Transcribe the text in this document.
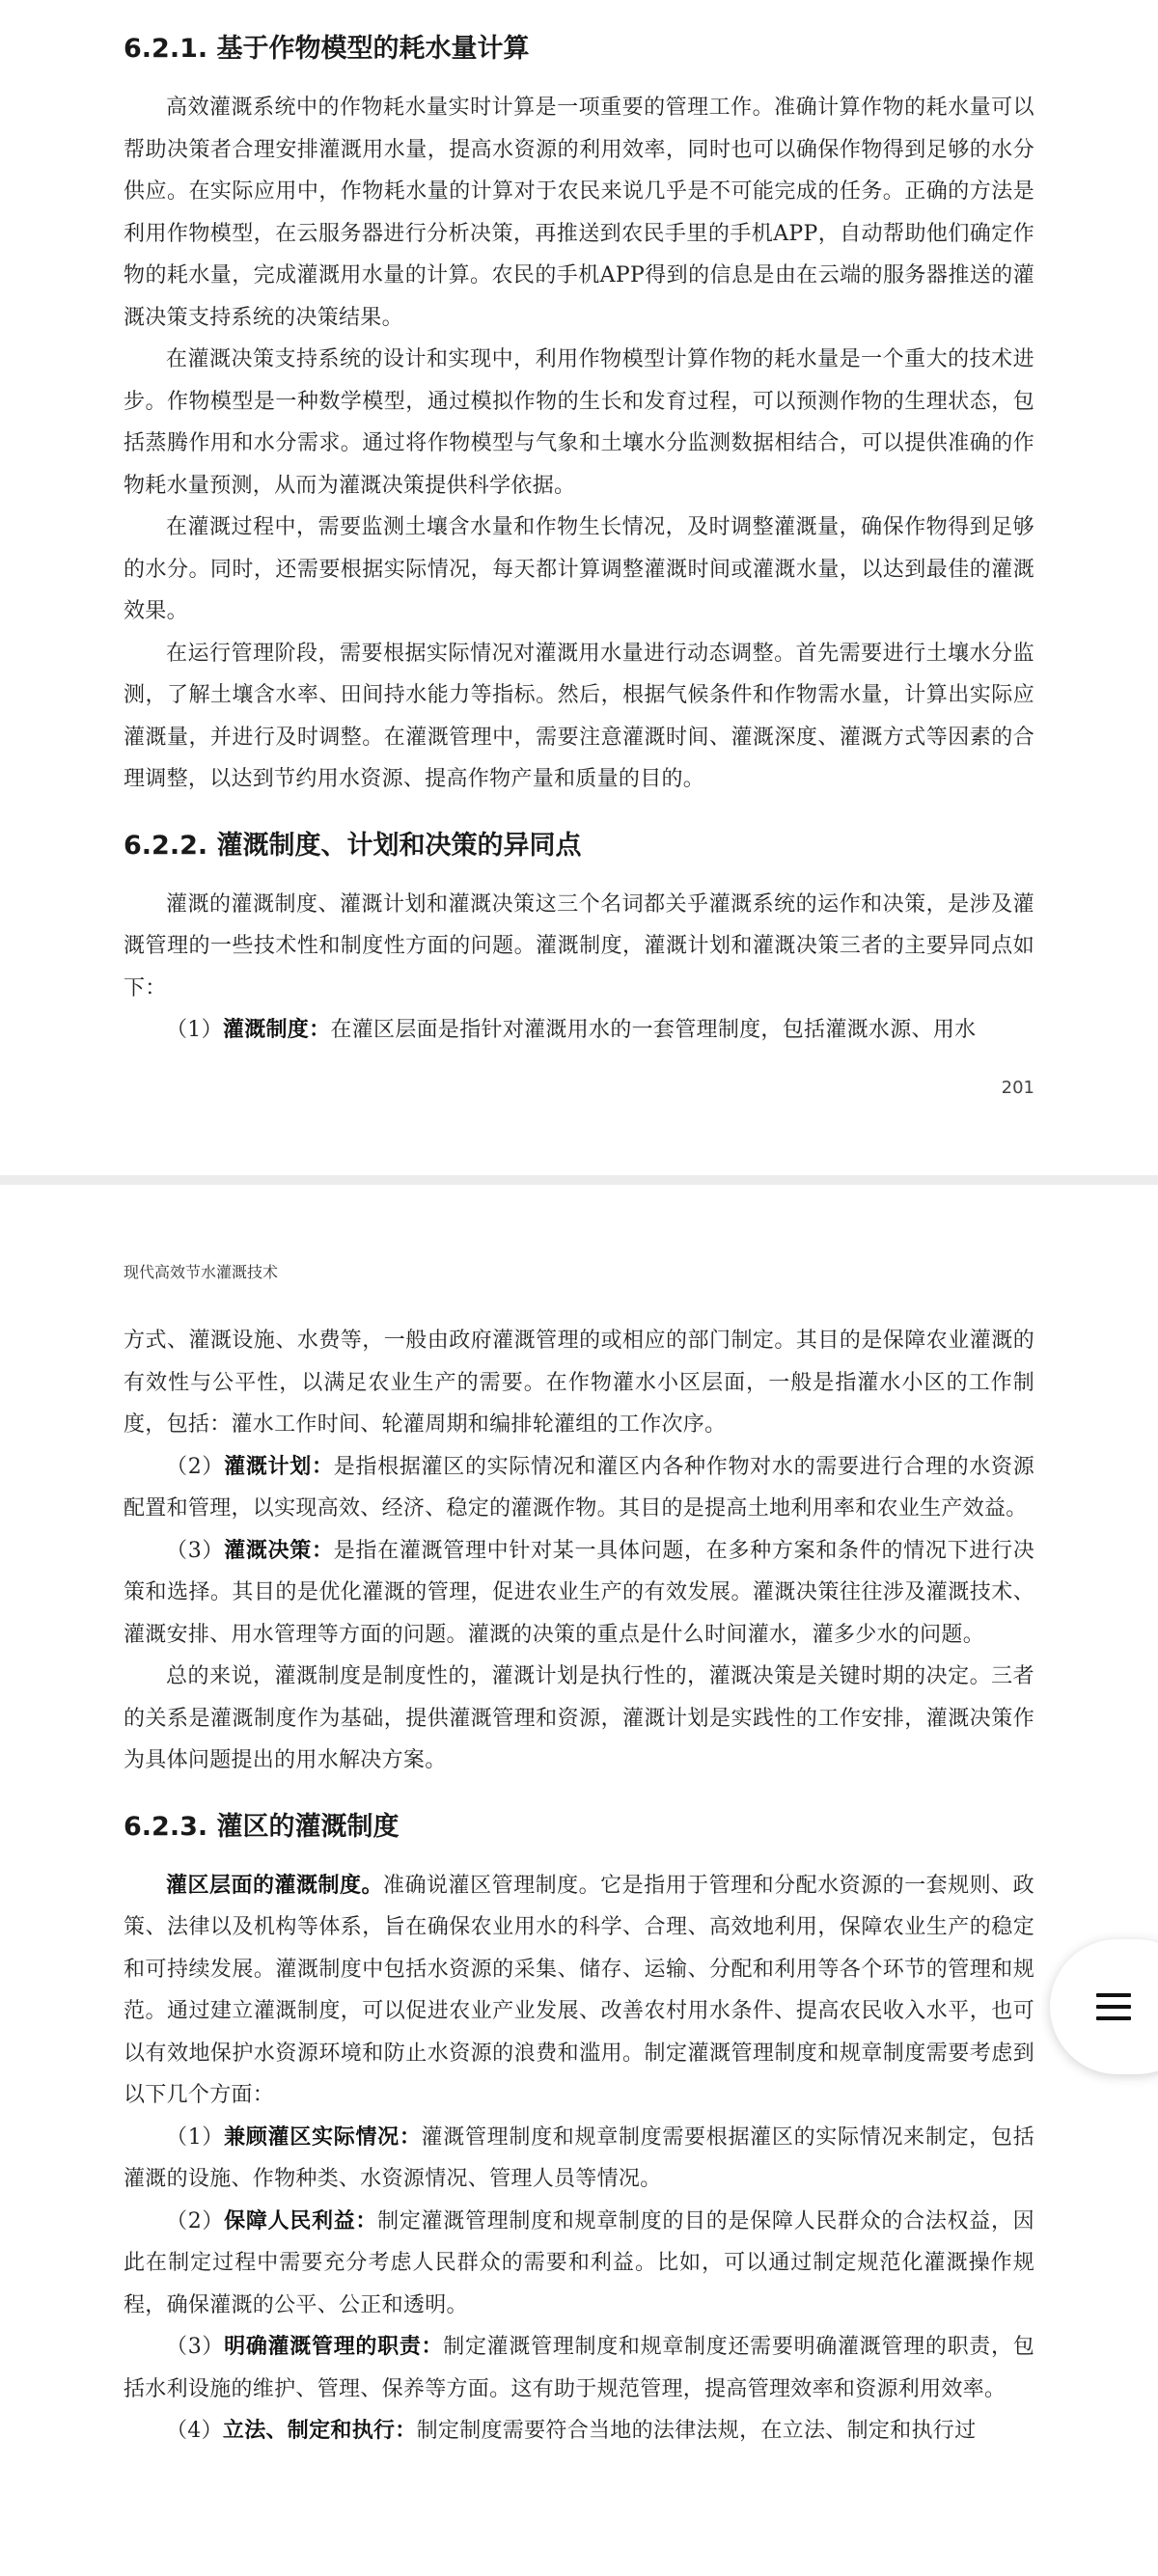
6.2.1. 基于作物模型的耗水量计算

高效灌溉系统中的作物耗水量实时计算是一项重要的管理工作。准确计算作物的耗水量可以帮助决策者合理安排灌溉用水量，提高水资源的利用效率，同时也可以确保作物得到足够的水分供应。在实际应用中，作物耗水量的计算对于农民来说几乎是不可能完成的任务。正确的方法是利用作物模型，在云服务器进行分析决策，再推送到农民手里的手机APP，自动帮助他们确定作物的耗水量，完成灌溉用水量的计算。农民的手机APP得到的信息是由在云端的服务器推送的灌溉决策支持系统的决策结果。

在灌溉决策支持系统的设计和实现中，利用作物模型计算作物的耗水量是一个重大的技术进步。作物模型是一种数学模型，通过模拟作物的生长和发育过程，可以预测作物的生理状态，包括蒸腾作用和水分需求。通过将作物模型与气象和土壤水分监测数据相结合，可以提供准确的作物耗水量预测，从而为灌溉决策提供科学依据。

在灌溉过程中，需要监测土壤含水量和作物生长情况，及时调整灌溉量，确保作物得到足够的水分。同时，还需要根据实际情况，每天都计算调整灌溉时间或灌溉水量，以达到最佳的灌溉效果。

在运行管理阶段，需要根据实际情况对灌溉用水量进行动态调整。首先需要进行土壤水分监测，了解土壤含水率、田间持水能力等指标。然后，根据气候条件和作物需水量，计算出实际应灌溉量，并进行及时调整。在灌溉管理中，需要注意灌溉时间、灌溉深度、灌溉方式等因素的合理调整，以达到节约用水资源、提高作物产量和质量的目的。

6.2.2. 灌溉制度、计划和决策的异同点

灌溉的灌溉制度、灌溉计划和灌溉决策这三个名词都关乎灌溉系统的运作和决策，是涉及灌溉管理的一些技术性和制度性方面的问题。灌溉制度，灌溉计划和灌溉决策三者的主要异同点如下：

（1）灌溉制度：在灌区层面是指针对灌溉用水的一套管理制度，包括灌溉水源、用水

201
现代高效节水灌溉技术

方式、灌溉设施、水费等，一般由政府灌溉管理的或相应的部门制定。其目的是保障农业灌溉的有效性与公平性，以满足农业生产的需要。在作物灌水小区层面，一般是指灌水小区的工作制度，包括：灌水工作时间、轮灌周期和编排轮灌组的工作次序。

（2）灌溉计划：是指根据灌区的实际情况和灌区内各种作物对水的需要进行合理的水资源配置和管理，以实现高效、经济、稳定的灌溉作物。其目的是提高土地利用率和农业生产效益。

（3）灌溉决策：是指在灌溉管理中针对某一具体问题，在多种方案和条件的情况下进行决策和选择。其目的是优化灌溉的管理，促进农业生产的有效发展。灌溉决策往往涉及灌溉技术、灌溉安排、用水管理等方面的问题。灌溉的决策的重点是什么时间灌水，灌多少水的问题。

总的来说，灌溉制度是制度性的，灌溉计划是执行性的，灌溉决策是关键时期的决定。三者的关系是灌溉制度作为基础，提供灌溉管理和资源，灌溉计划是实践性的工作安排，灌溉决策作为具体问题提出的用水解决方案。

6.2.3. 灌区的灌溉制度

灌区层面的灌溉制度。准确说灌区管理制度。它是指用于管理和分配水资源的一套规则、政策、法律以及机构等体系，旨在确保农业用水的科学、合理、高效地利用，保障农业生产的稳定和可持续发展。灌溉制度中包括水资源的采集、储存、运输、分配和利用等各个环节的管理和规范。通过建立灌溉制度，可以促进农业产业发展、改善农村用水条件、提高农民收入水平，也可以有效地保护水资源环境和防止水资源的浪费和滥用。制定灌溉管理制度和规章制度需要考虑到以下几个方面：

（1）兼顾灌区实际情况：灌溉管理制度和规章制度需要根据灌区的实际情况来制定，包括灌溉的设施、作物种类、水资源情况、管理人员等情况。

（2）保障人民利益：制定灌溉管理制度和规章制度的目的是保障人民群众的合法权益，因此在制定过程中需要充分考虑人民群众的需要和利益。比如，可以通过制定规范化灌溉操作规程，确保灌溉的公平、公正和透明。

（3）明确灌溉管理的职责：制定灌溉管理制度和规章制度还需要明确灌溉管理的职责，包括水利设施的维护、管理、保养等方面。这有助于规范管理，提高管理效率和资源利用效率。

（4）立法、制定和执行：制定制度需要符合当地的法律法规，在立法、制定和执行过
